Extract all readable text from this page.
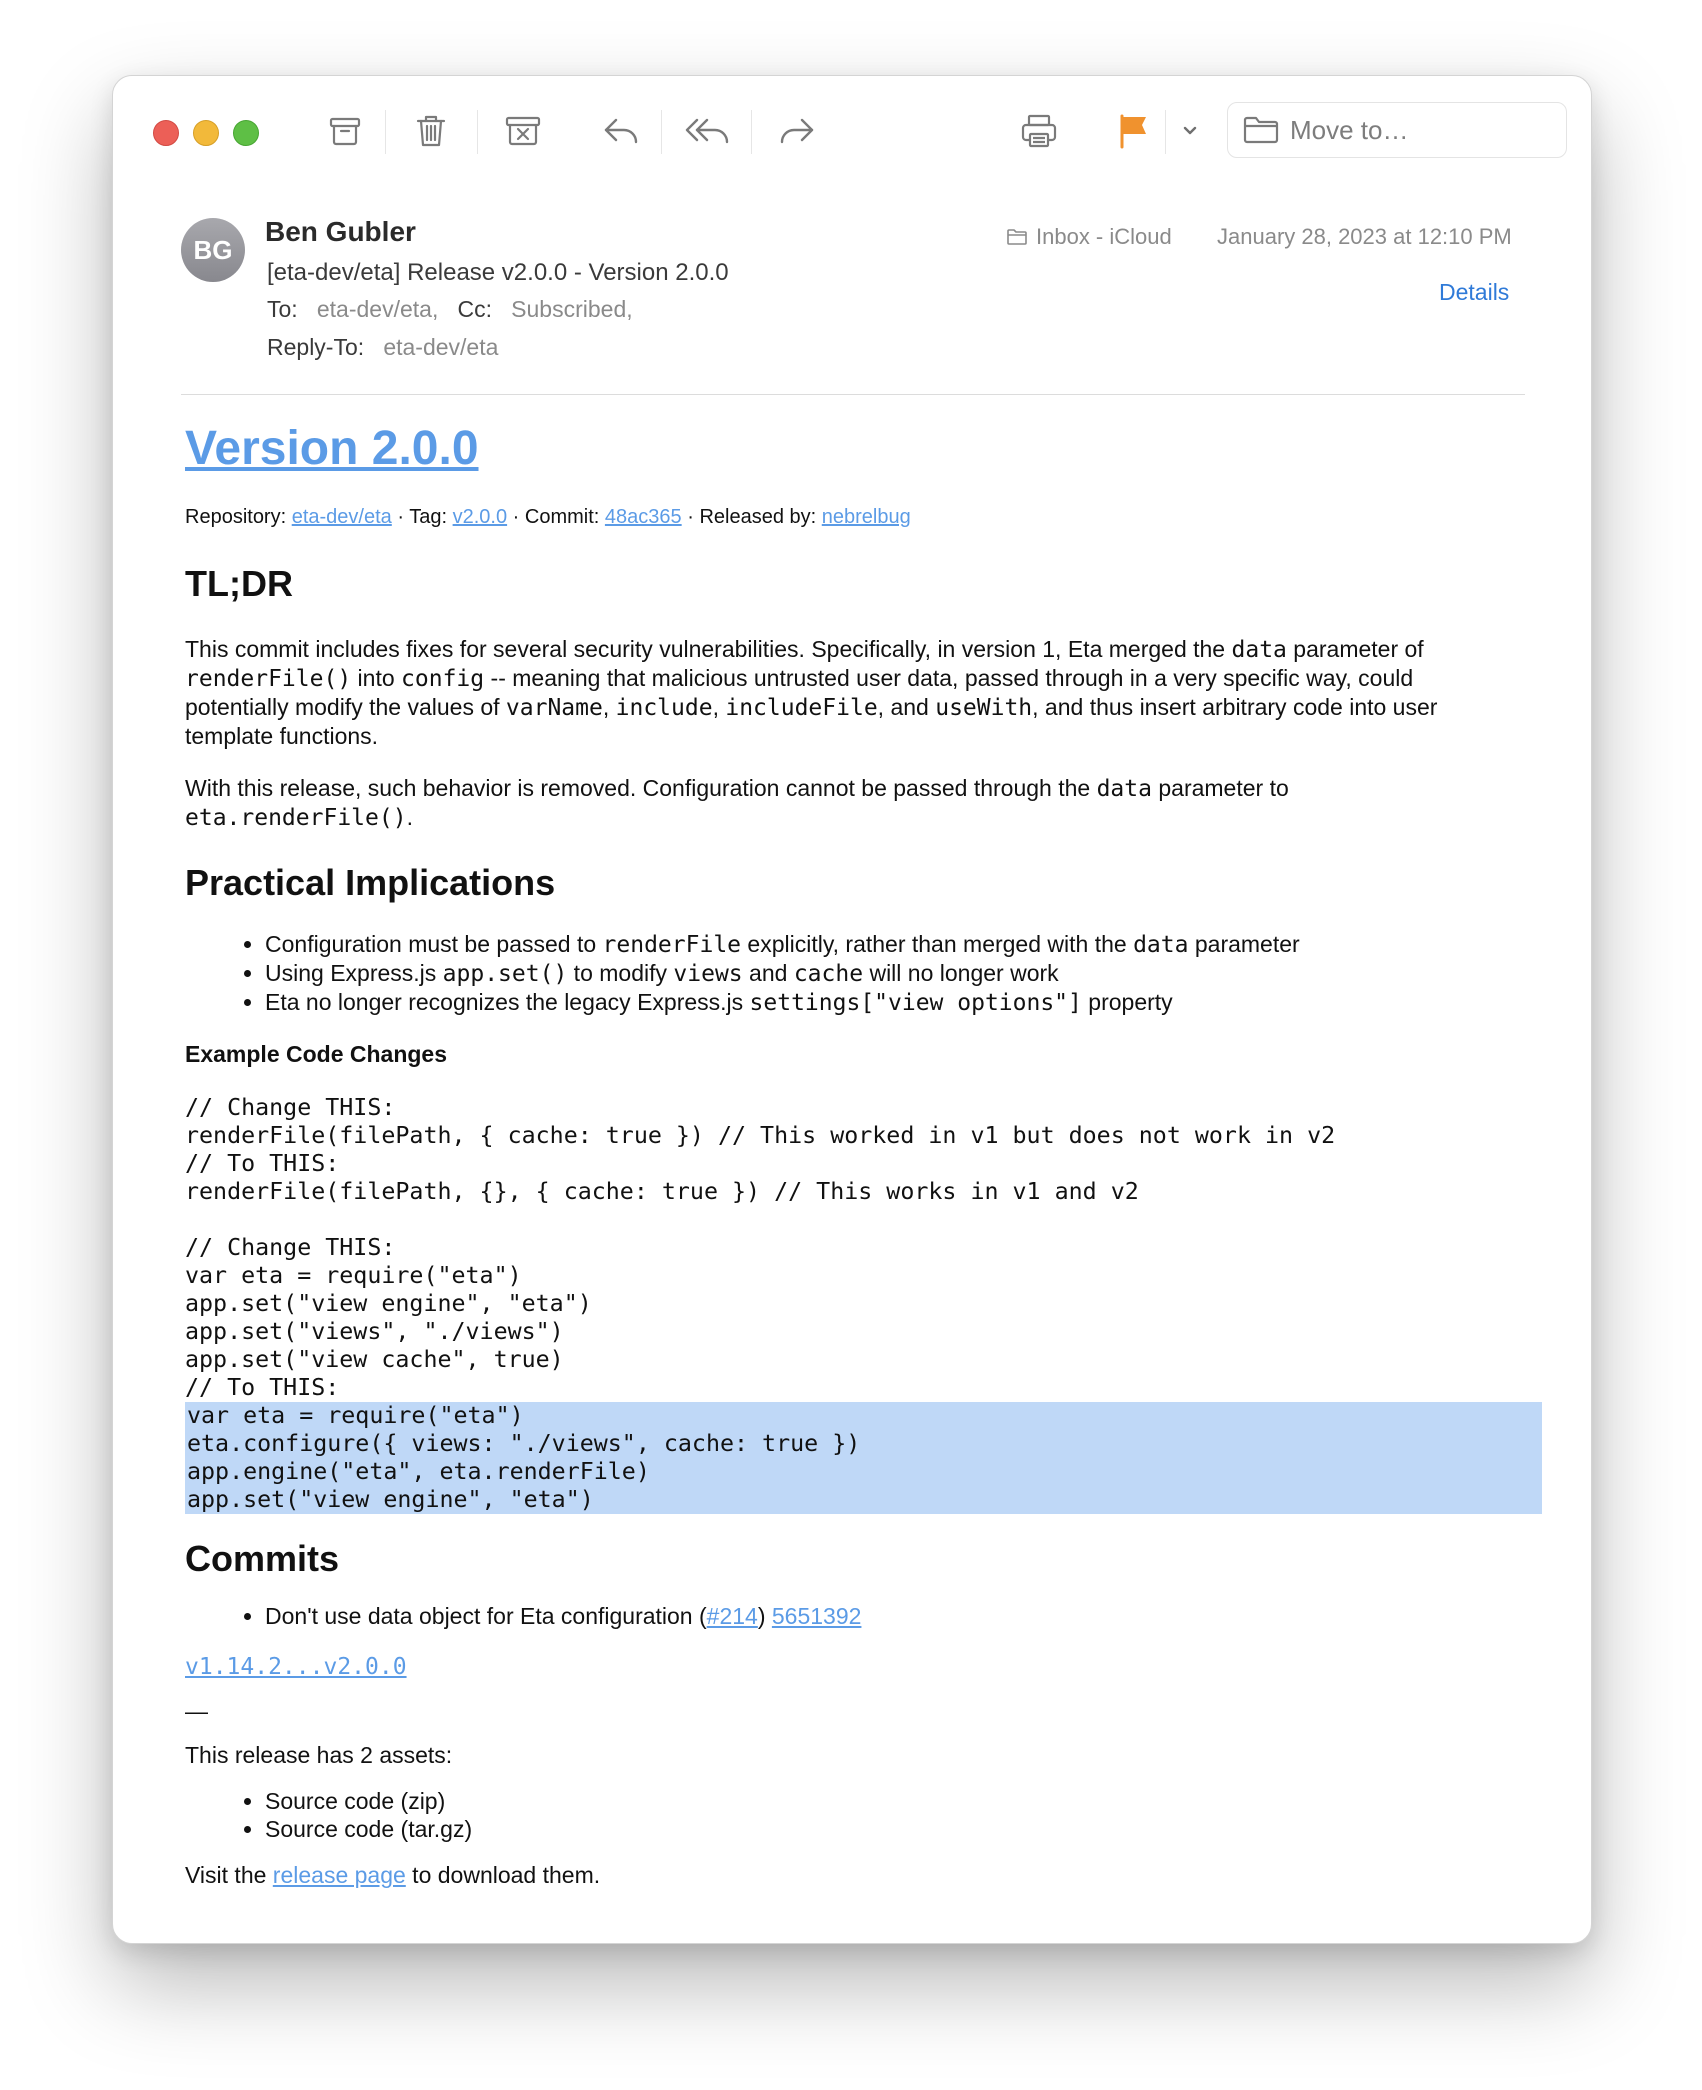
Move to…
BG
Ben Gubler
[eta-dev/eta] Release v2.0.0 - Version 2.0.0
To: eta-dev/eta, Cc: Subscribed,
Reply-To: eta-dev/eta
Inbox - iCloud January 28, 2023 at 12:10 PM
Details
Version 2.0.0
Repository: eta-dev/eta · Tag: v2.0.0 · Commit: 48ac365 · Released by: nebrelbug
TL;DR

This commit includes fixes for several security vulnerabilities. Specifically, in version 1, Eta merged the data parameter of renderFile() into config -- meaning that malicious untrusted user data, passed through in a very specific way, could potentially modify the values of varName, include, includeFile, and useWith, and thus insert arbitrary code into user template functions.

With this release, such behavior is removed. Configuration cannot be passed through the data parameter to eta.renderFile().

Practical Implications
• Configuration must be passed to renderFile explicitly, rather than merged with the data parameter
• Using Express.js app.set() to modify views and cache will no longer work
• Eta no longer recognizes the legacy Express.js settings["view options"] property
Example Code Changes
// Change THIS:
renderFile(filePath, { cache: true }) // This worked in v1 but does not work in v2
// To THIS:
renderFile(filePath, {}, { cache: true }) // This works in v1 and v2

// Change THIS:
var eta = require("eta")
app.set("view engine", "eta")
app.set("views", "./views")
app.set("view cache", true)
// To THIS:
var eta = require("eta")
eta.configure({ views: "./views", cache: true })
app.engine("eta", eta.renderFile)
app.set("view engine", "eta")
Commits
• Don't use data object for Eta configuration (#214) 5651392

v1.14.2...v2.0.0

—

This release has 2 assets:

• Source code (zip)
• Source code (tar.gz)

Visit the release page to download them.
